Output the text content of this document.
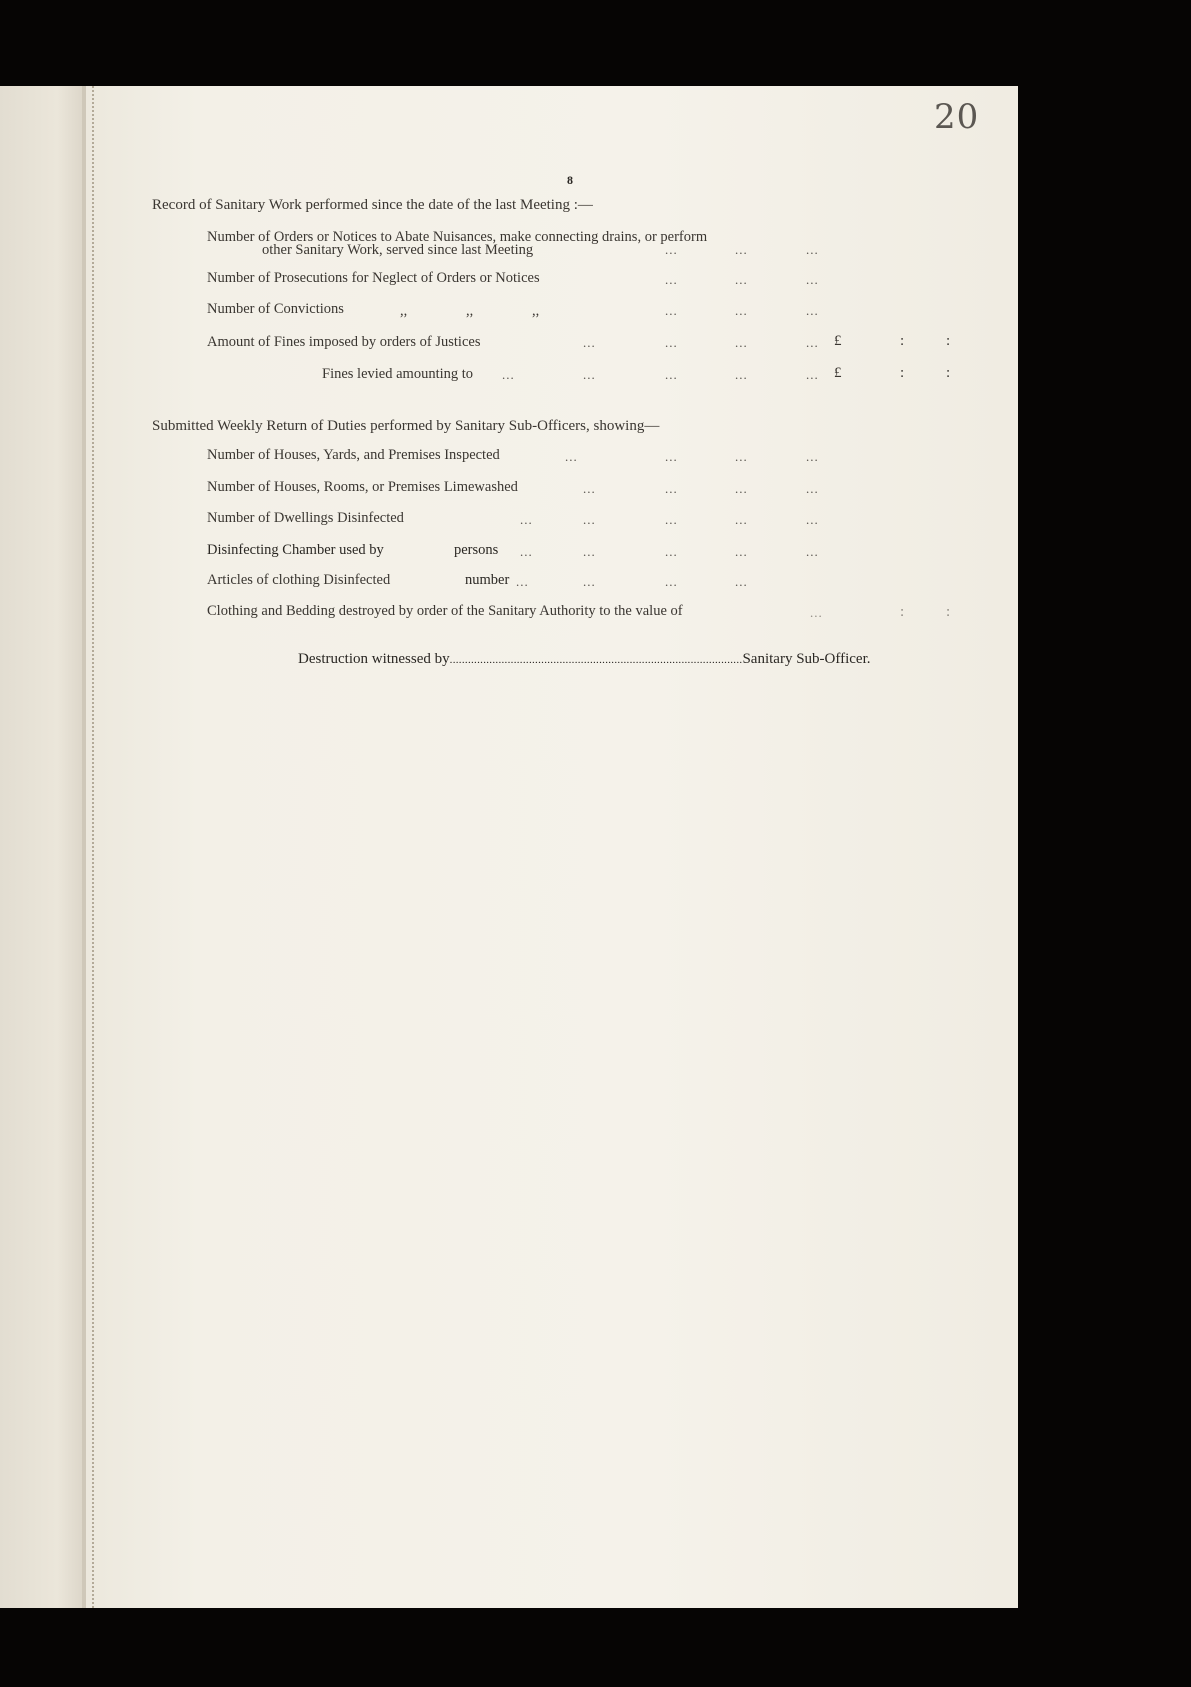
20
8
Record of Sanitary Work performed since the date of the last Meeting :—
Number of Orders or Notices to Abate Nuisances, make connecting drains, or perform
other Sanitary Work, served since last Meeting	...	...	...
Number of Prosecutions for Neglect of Orders or Notices	...	...	...
Number of Convictions	,,	,,	,,	...	...	...
Amount of Fines imposed by orders of Justices	...	...	...	... £	:	:
Fines levied amounting to ...	...	...	...	... £	:	:
Submitted Weekly Return of Duties performed by Sanitary Sub-Officers, showing—
Number of Houses, Yards, and Premises Inspected	...	...	...	...
Number of Houses, Rooms, or Premises Limewashed	...	...	...	...
Number of Dwellings Disinfected	...	...	...	...	...
Disinfecting Chamber used by	persons ...	...	...	...	...
Articles of clothing Disinfected	number ...	...	...	...
Clothing and Bedding destroyed by order of the Sanitary Authority to the value of	...	:	:
Destruction witnessed by................................................................................................Sanitary Sub-Officer.
